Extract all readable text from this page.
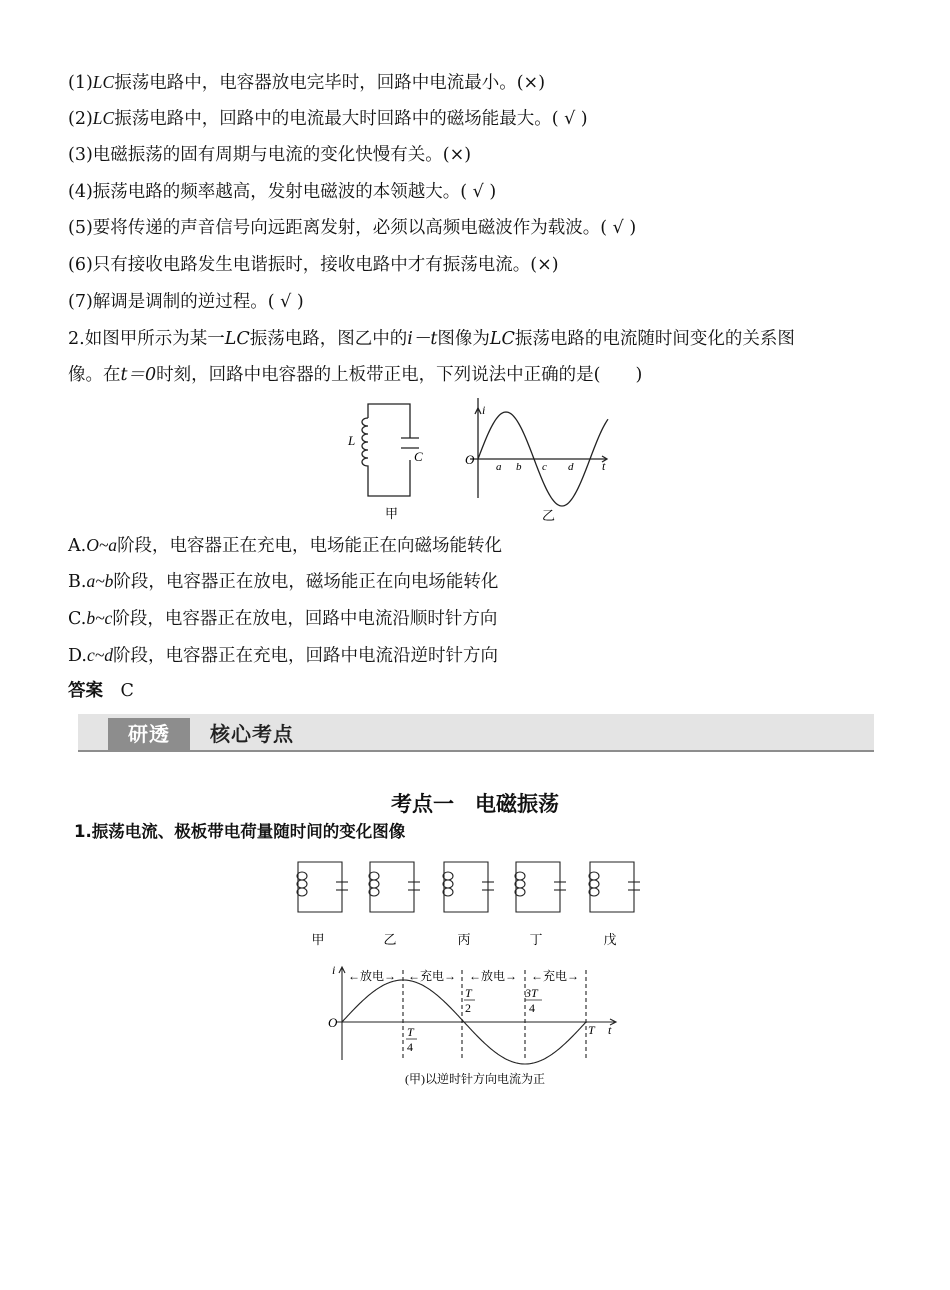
(1)LC振荡电路中，电容器放电完毕时，回路中电流最小。(×)
(2)LC振荡电路中，回路中的电流最大时回路中的磁场能最大。( √ )
(3)电磁振荡的固有周期与电流的变化快慢有关。(×)
(4)振荡电路的频率越高，发射电磁波的本领越大。( √ )
(5)要将传递的声音信号向远距离发射，必须以高频电磁波作为载波。( √ )
(6)只有接收电路发生电谐振时，接收电路中才有振荡电流。(×)
(7)解调是调制的逆过程。( √ )
2.如图甲所示为某一LC振荡电路，图乙中的i－t图像为LC振荡电路的电流随时间变化的关系图
像。在t＝0时刻，回路中电容器的上板带正电，下列说法中正确的是(　　)
L
C
i
O	t
a b c d
甲	乙
A.O~a阶段，电容器正在充电，电场能正在向磁场能转化
B.a~b阶段，电容器正在放电，磁场能正在向电场能转化
C.b~c阶段，电容器正在放电，回路中电流沿顺时针方向
D.c~d阶段，电容器正在充电，回路中电流沿逆时针方向
答案　 C
研透	核心考点
考点一　电磁振荡
1.振荡电流、极板带电荷量随时间的变化图像
甲	乙	丙	丁	戊
i
O	t
T
←放电→ ←充电→ ←放电→ ←充电→
T
4
T
2
3T
4
(甲)以逆时针方向电流为正
